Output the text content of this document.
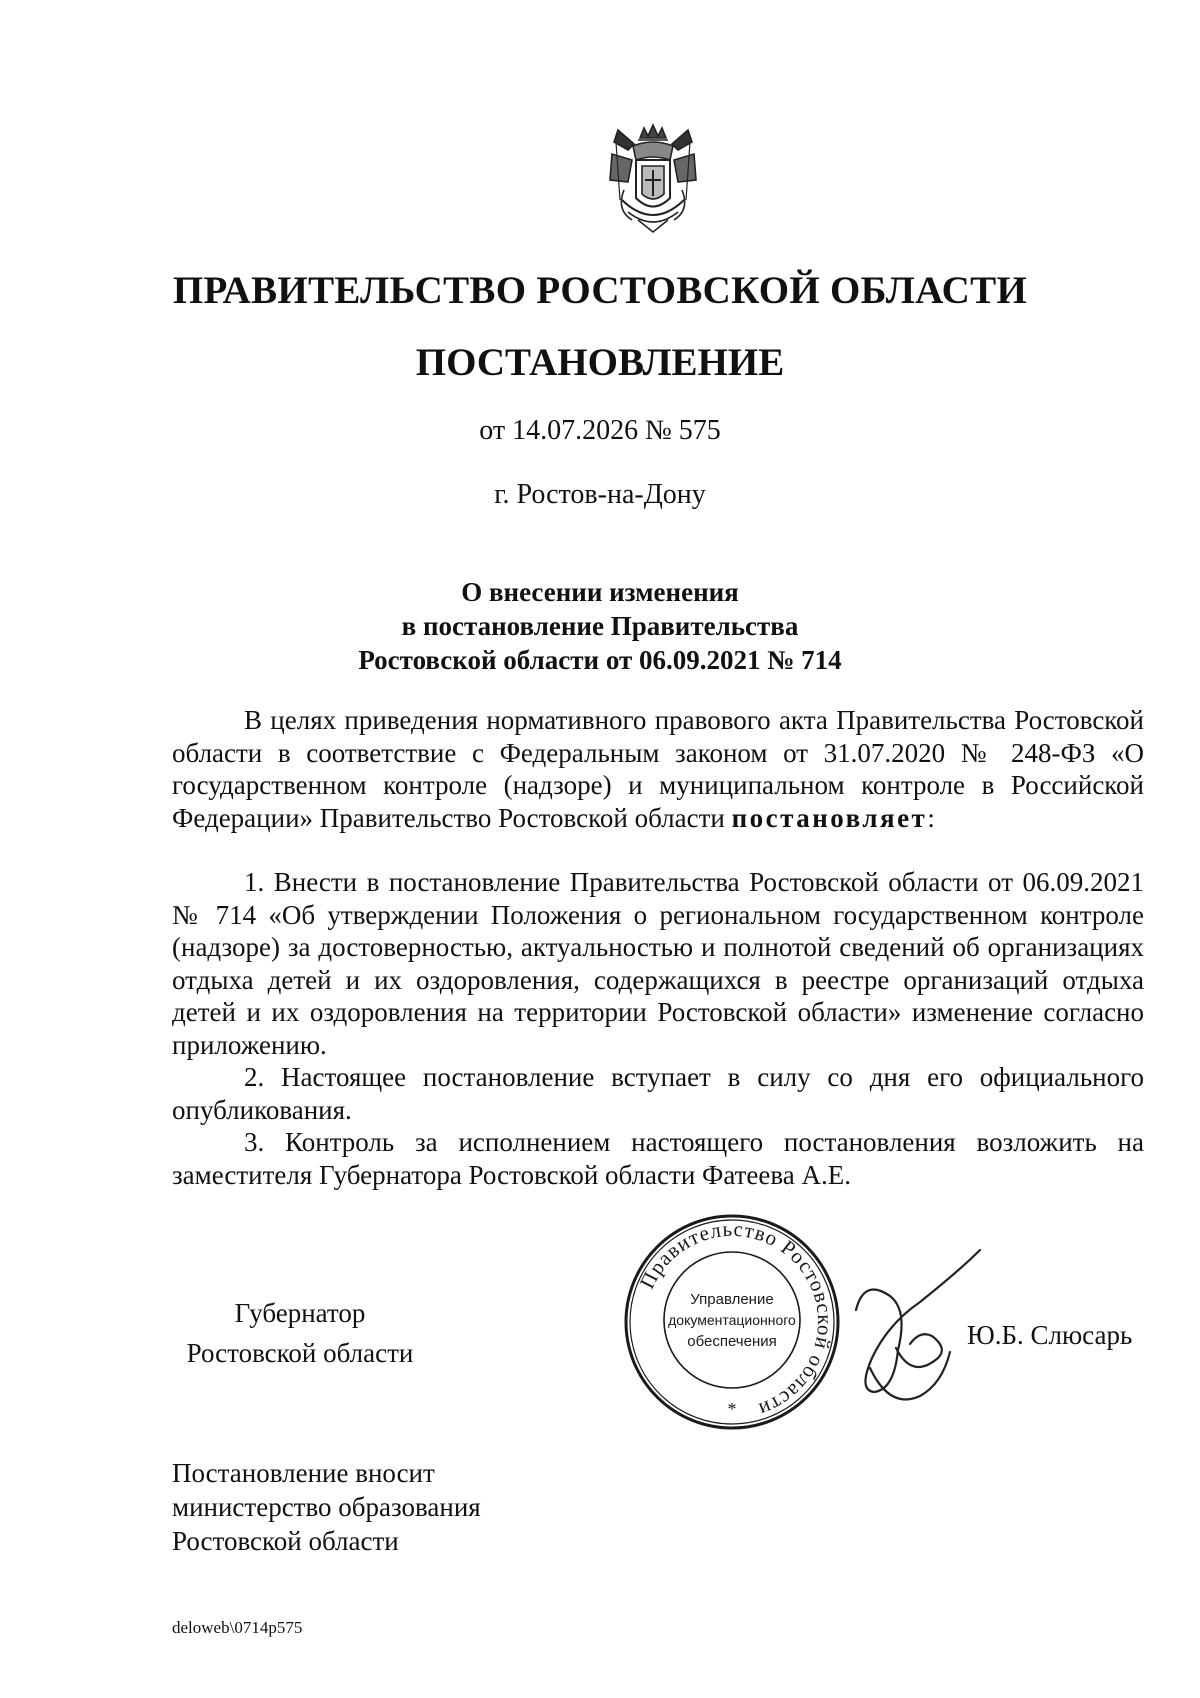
ПРАВИТЕЛЬСТВО РОСТОВСКОЙ ОБЛАСТИ
ПОСТАНОВЛЕНИЕ

от 14.07.2026 № 575

г. Ростов-на-Дону

О внесении изменения
в постановление Правительства
Ростовской области от 06.09.2021 № 714

В целях приведения нормативного правового акта Правительства Ростовской области в соответствие с Федеральным законом от 31.07.2020 № 248-ФЗ «О государственном контроле (надзоре) и муниципальном контроле в Российской Федерации» Правительство Ростовской области постановляет:

1. Внести в постановление Правительства Ростовской области от 06.09.2021 № 714 «Об утверждении Положения о региональном государственном контроле (надзоре) за достоверностью, актуальностью и полнотой сведений об организациях отдыха детей и их оздоровления, содержащихся в реестре организаций отдыха детей и их оздоровления на территории Ростовской области» изменение согласно приложению.

2. Настоящее постановление вступает в силу со дня его официального опубликования.

3. Контроль за исполнением настоящего постановления возложить на заместителя Губернатора Ростовской области Фатеева А.Е.

Губернатор
Ростовской области
Правительство Ростовской области
Управление
документационного
обеспечения
*
Ю.Б. Слюсарь
Постановление вносит
министерство образования
Ростовской области
deloweb\0714p575
